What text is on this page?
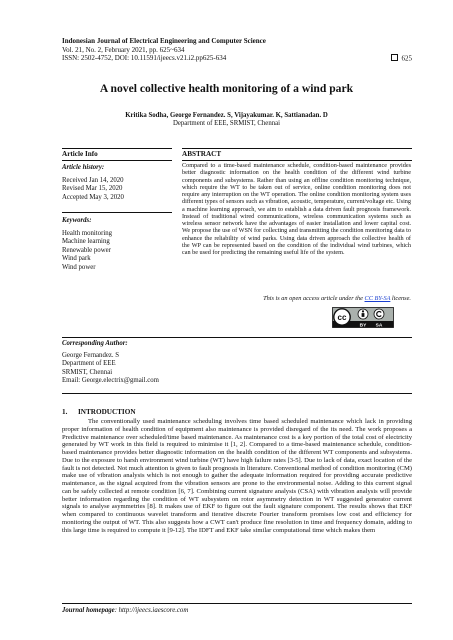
Indonesian Journal of Electrical Engineering and Computer Science
Vol. 21, No. 2, February 2021, pp. 625~634
ISSN: 2502-4752, DOI: 10.11591/ijeecs.v21.i2.pp625-634	625
A novel collective health monitoring of a wind park
Kritika Sodha, George Fernandez. S, Vijayakumar. K, Sattianadan. D
Department of EEE, SRMIST, Chennai
Article Info
Article history:
Received Jan 14, 2020
Revised Mar 15, 2020
Accepted May 3, 2020
Keywords:
Health monitoring
Machine learning
Renewable power
Wind park
Wind power
ABSTRACT
Compared to a time-based maintenance schedule, condition-based maintenance provides better diagnostic information on the health condition of the different wind turbine components and subsystems. Rather than using an offline condition monitoring technique, which require the WT to be taken out of service, online condition monitoring does not require any interruption on the WT operation. The online condition monitoring system uses different types of sensors such as vibration, acoustic, temperature, current/voltage etc. Using a machine learning approach, we aim to establish a data driven fault prognosis framework. Instead of traditional wired communications, wireless communication systems such as wireless sensor network have the advantages of easier installation and lower capital cost. We propose the use of WSN for collecting and transmitting the condition monitoring data to enhance the reliability of wind parks. Using data driven approach the collective health of the WP can be represented based on the condition of the individual wind turbines, which can be used for predicting the remaining useful life of the system.
This is an open access article under the CC BY-SA license.
cc
BY SA
Corresponding Author:
George Fernandez. S
Department of EEE
SRMIST, Chennai
Email: George.electrix@gmail.com
1. INTRODUCTION
The conventionally used maintenance scheduling involves time based scheduled maintenance which lack in providing proper information of health condition of equipment also maintenance is provided disregard of the its need. The work proposes a Predictive maintenance over scheduled/time based maintenance. As maintenance cost is a key portion of the total cost of electricity generated by WT work in this field is required to minimise it [1, 2]. Compared to a time-based maintenance schedule, condition-based maintenance provides better diagnostic information on the health condition of the different WT components and subsystems. Due to the exposure to harsh environment wind turbine (WT) have high failure rates [3-5]. Due to lack of data, exact location of the fault is not detected. Not much attention is given to fault prognosis in literature. Conventional method of condition monitoring (CM) make use of vibration analysis which is not enough to gather the adequate information required for providing accurate predictive maintenance, as the signal acquired from the vibration sensors are prone to the environmental noise. Adding to this current signal can be safely collected at remote condition [6, 7]. Combining current signature analysis (CSA) with vibration analysis will provide better information regarding the condition of WT subsystem on rotor asymmetry detection in WT suggested generator current signals to analyse asymmetries [8]. It makes use of EKF to figure out the fault signature component. The results shows that EKF when compared to continuous wavelet transform and iterative discrete Fourier transform promises low cost and efficiency for monitoring the output of WT. This also suggests how a CWT can't produce fine resolution in time and frequency domain, adding to this large time is required to compute it [9-12]. The IDFT and EKF take similar computational time which makes them
Journal homepage: http://ijeecs.iaescore.com
